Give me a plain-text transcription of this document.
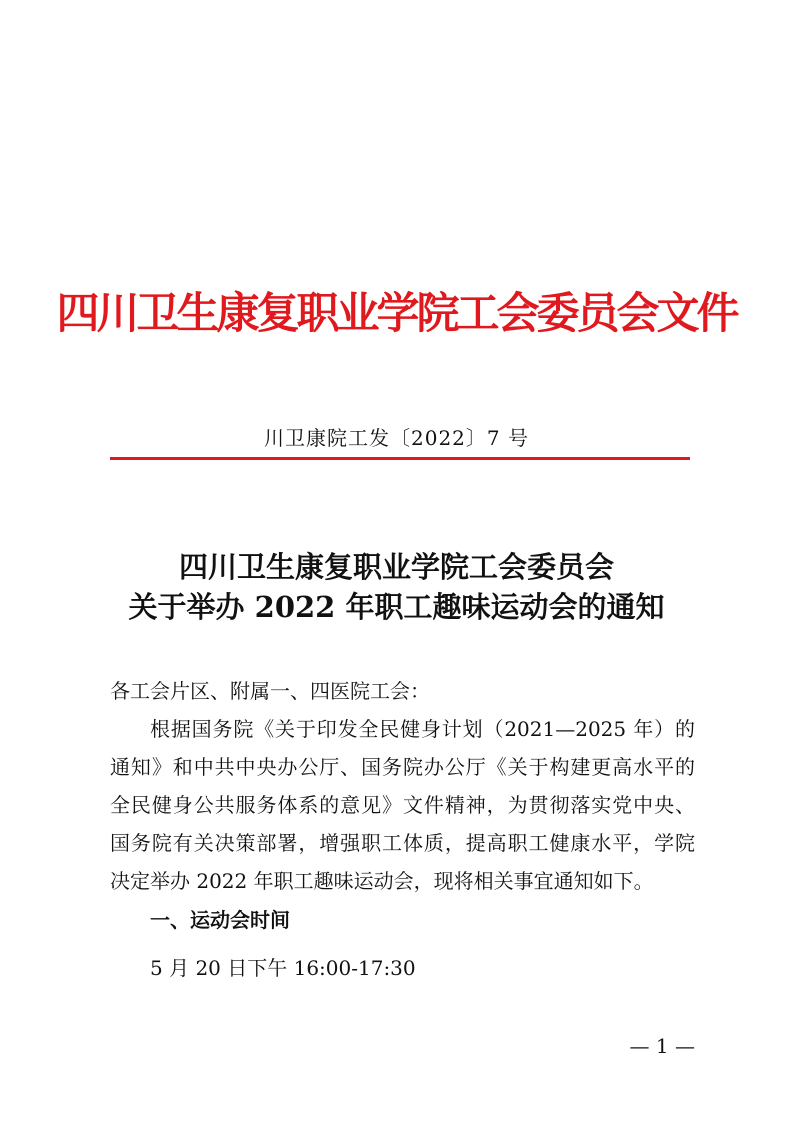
四川卫生康复职业学院工会委员会文件
川卫康院工发〔2022〕7 号
四川卫生康复职业学院工会委员会
关于举办 2022 年职工趣味运动会的通知
各工会片区、附属一、四医院工会：
根据国务院《关于印发全民健身计划（2021—2025 年）的
通知》和中共中央办公厅、国务院办公厅《关于构建更高水平的
全民健身公共服务体系的意见》文件精神，为贯彻落实党中央、
国务院有关决策部署，增强职工体质，提高职工健康水平，学院
决定举办 2022 年职工趣味运动会，现将相关事宜通知如下。
一、运动会时间
5 月 20 日下午 16:00-17:30
— 1 —
